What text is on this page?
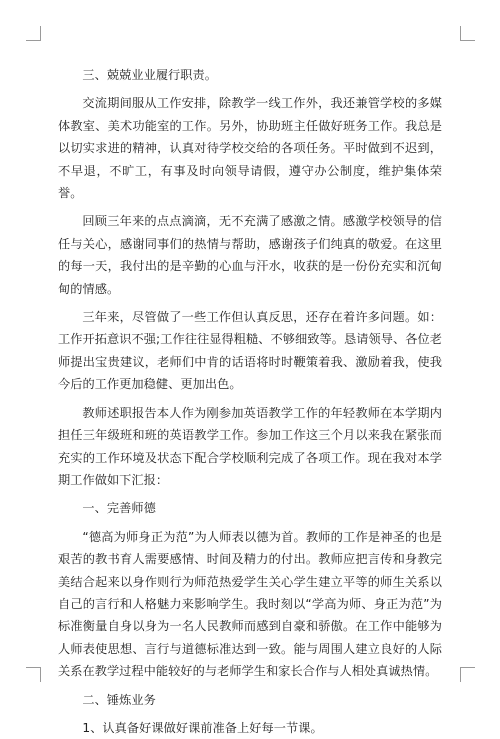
三、兢兢业业履行职责。

交流期间服从工作安排，除教学一线工作外，我还兼管学校的多媒体教室、美术功能室的工作。另外，协助班主任做好班务工作。我总是以切实求进的精神，认真对待学校交给的各项任务。平时做到不迟到，不早退，不旷工，有事及时向领导请假，遵守办公制度，维护集体荣誉。

回顾三年来的点点滴滴，无不充满了感激之情。感激学校领导的信任与关心，感谢同事们的热情与帮助，感谢孩子们纯真的敬爱。在这里的每一天，我付出的是辛勤的心血与汗水，收获的是一份份充实和沉甸甸的情感。

三年来，尽管做了一些工作但认真反思，还存在着许多问题。如：工作开拓意识不强;工作往往显得粗糙、不够细致等。恳请领导、各位老师提出宝贵建议，老师们中肯的话语将时时鞭策着我、激励着我，使我今后的工作更加稳健、更加出色。

教师述职报告本人作为刚参加英语教学工作的年轻教师在本学期内担任三年级班和班的英语教学工作。参加工作这三个月以来我在紧张而充实的工作环境及状态下配合学校顺利完成了各项工作。现在我对本学期工作做如下汇报：

一、完善师德

“德高为师身正为范”为人师表以德为首。教师的工作是神圣的也是艰苦的教书育人需要感情、时间及精力的付出。教师应把言传和身教完美结合起来以身作则行为师范热爱学生关心学生建立平等的师生关系以自己的言行和人格魅力来影响学生。我时刻以“学高为师、身正为范”为标准衡量自身以身为一名人民教师而感到自豪和骄傲。在工作中能够为人师表使思想、言行与道德标准达到一致。能与周围人建立良好的人际关系在教学过程中能较好的与老师学生和家长合作与人相处真诚热情。

二、锤炼业务

1、认真备好课做好课前准备上好每一节课。
